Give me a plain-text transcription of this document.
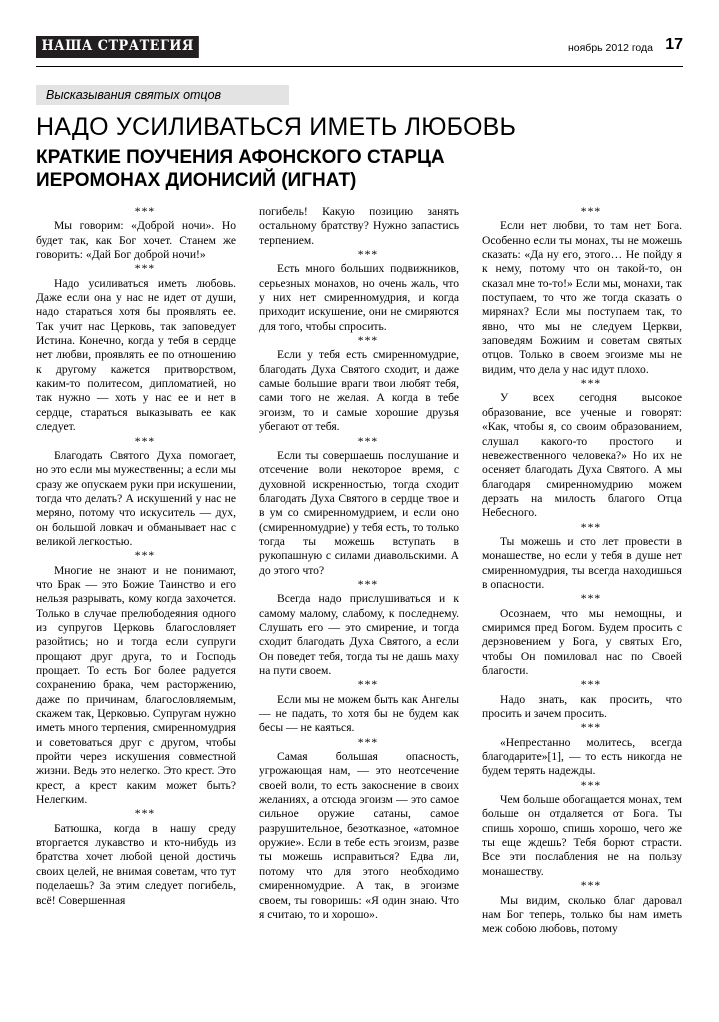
НАША СТРАТЕГИЯ	ноябрь 2012 года 17
Высказывания святых отцов
НАДО УСИЛИВАТЬСЯ ИМЕТЬ ЛЮБОВЬ
КРАТКИЕ ПОУЧЕНИЯ АФОНСКОГО СТАРЦА
ИЕРОМОНАХ ДИОНИСИЙ (ИГНАТ)

***

Мы говорим: «Доброй ночи». Но будет так, как Бог хочет. Станем же говорить: «Дай Бог доброй ночи!»

***

Надо усиливаться иметь любовь. Даже если она у нас не идет от души, надо стараться хотя бы проявлять ее. Так учит нас Церковь, так заповедует Истина. Конечно, когда у тебя в сердце нет любви, проявлять ее по отношению к другому кажется притворством, каким-то политесом, дипломатией, но так нужно — хоть у нас ее и нет в сердце, стараться выказывать ее как следует.

***

Благодать Святого Духа помогает, но это если мы мужественны; а если мы сразу же опускаем руки при искушении, тогда что делать? А искушений у нас не меряно, потому что искуситель — дух, он большой ловкач и обманывает нас с великой легкостью.

***

Многие не знают и не понимают, что Брак — это Божие Таинство и его нельзя разрывать, кому когда захочется. Только в случае прелюбодеяния одного из супругов Церковь благословляет разойтись; но и тогда если супруги прощают друг друга, то и Господь прощает. То есть Бог более радуется сохранению брака, чем расторжению, даже по причинам, благословляемым, скажем так, Церковью. Супругам нужно иметь много терпения, смиренномудрия и советоваться друг с другом, чтобы пройти через искушения совместной жизни. Ведь это нелегко. Это крест. Это крест, а крест каким может быть? Нелегким.

***

Батюшка, когда в нашу среду вторгается лукавство и кто-нибудь из братства хочет любой ценой достичь своих целей, не внимая советам, что тут поделаешь? За этим следует погибель, всё! Совершенная

погибель! Какую позицию занять остальному братству? Нужно запастись терпением.

***

Есть много больших подвижников, серьезных монахов, но очень жаль, что у них нет смиренномудрия, и когда приходит искушение, они не смиряются для того, чтобы спросить.

***

Если у тебя есть смиренномудрие, благодать Духа Святого сходит, и даже самые большие враги твои любят тебя, сами того не желая. А когда в тебе эгоизм, то и самые хорошие друзья убегают от тебя.

***

Если ты совершаешь послушание и отсечение воли некоторое время, с духовной искренностью, тогда сходит благодать Духа Святого в сердце твое и в ум со смиренномудрием, и если оно (смиренномудрие) у тебя есть, то только тогда ты можешь вступать в рукопашную с силами диавольскими. А до этого что?

***

Всегда надо прислушиваться и к самому малому, слабому, к последнему. Слушать его — это смирение, и тогда сходит благодать Духа Святого, а если Он поведет тебя, тогда ты не дашь маху на пути своем.

***

Если мы не можем быть как Ангелы — не падать, то хотя бы не будем как бесы — не каяться.

***

Самая большая опасность, угрожающая нам, — это неотсечение своей воли, то есть закоснение в своих желаниях, а отсюда эгоизм — это самое сильное оружие сатаны, самое разрушительное, безотказное, «атомное оружие». Если в тебе есть эгоизм, разве ты можешь исправиться? Едва ли, потому что для этого необходимо смиренномудрие. А так, в эгоизме своем, ты говоришь: «Я один знаю. Что я считаю, то и хорошо».

***

Если нет любви, то там нет Бога. Особенно если ты монах, ты не можешь сказать: «Да ну его, этого… Не пойду я к нему, потому что он такой-то, он сказал мне то-то!» Если мы, монахи, так поступаем, то что же тогда сказать о мирянах? Если мы поступаем так, то явно, что мы не следуем Церкви, заповедям Божиим и советам святых отцов. Только в своем эгоизме мы не видим, что дела у нас идут плохо.

***

У всех сегодня высокое образование, все ученые и говорят: «Как, чтобы я, со своим образованием, слушал какого-то простого и невежественного человека?» Но их не осеняет благодать Духа Святого. А мы благодаря смиренномудрию можем дерзать на милость благого Отца Небесного.

***

Ты можешь и сто лет провести в монашестве, но если у тебя в душе нет смиренномудрия, ты всегда находишься в опасности.

***

Осознаем, что мы немощны, и смиримся пред Богом. Будем просить с дерзновением у Бога, у святых Его, чтобы Он помиловал нас по Своей благости.

***

Надо знать, как просить, что просить и зачем просить.

***

«Непрестанно молитесь, всегда благодарите»[1], — то есть никогда не будем терять надежды.

***

Чем больше обогащается монах, тем больше он отдаляется от Бога. Ты спишь хорошо, спишь хорошо, чего же ты еще ждешь? Тебя борют страсти. Все эти послабления не на пользу монашеству.

***

Мы видим, сколько благ даровал нам Бог теперь, только бы нам иметь меж собою любовь, потому
